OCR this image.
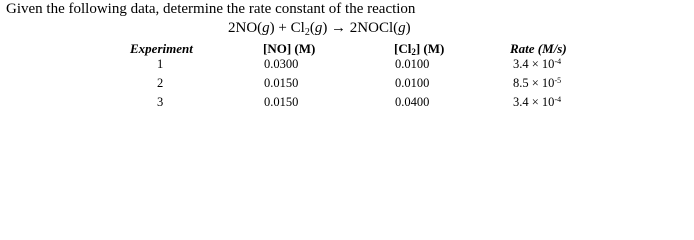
Given the following data, determine the rate constant of the reaction
$2NO(g) + Cl_2(g)$ → 2NOCl(g)
Experiment	[NO] (M)	$[Cl_2]$ (M)	Rate (M/s)
1	0.0300	0.0100	$3.4 \times 10^{-4}$
2	0.0150	0.0100	$8.5 \times 10^{-5}$
3	0.0150	0.0400	$3.4 \times 10^{-4}$
